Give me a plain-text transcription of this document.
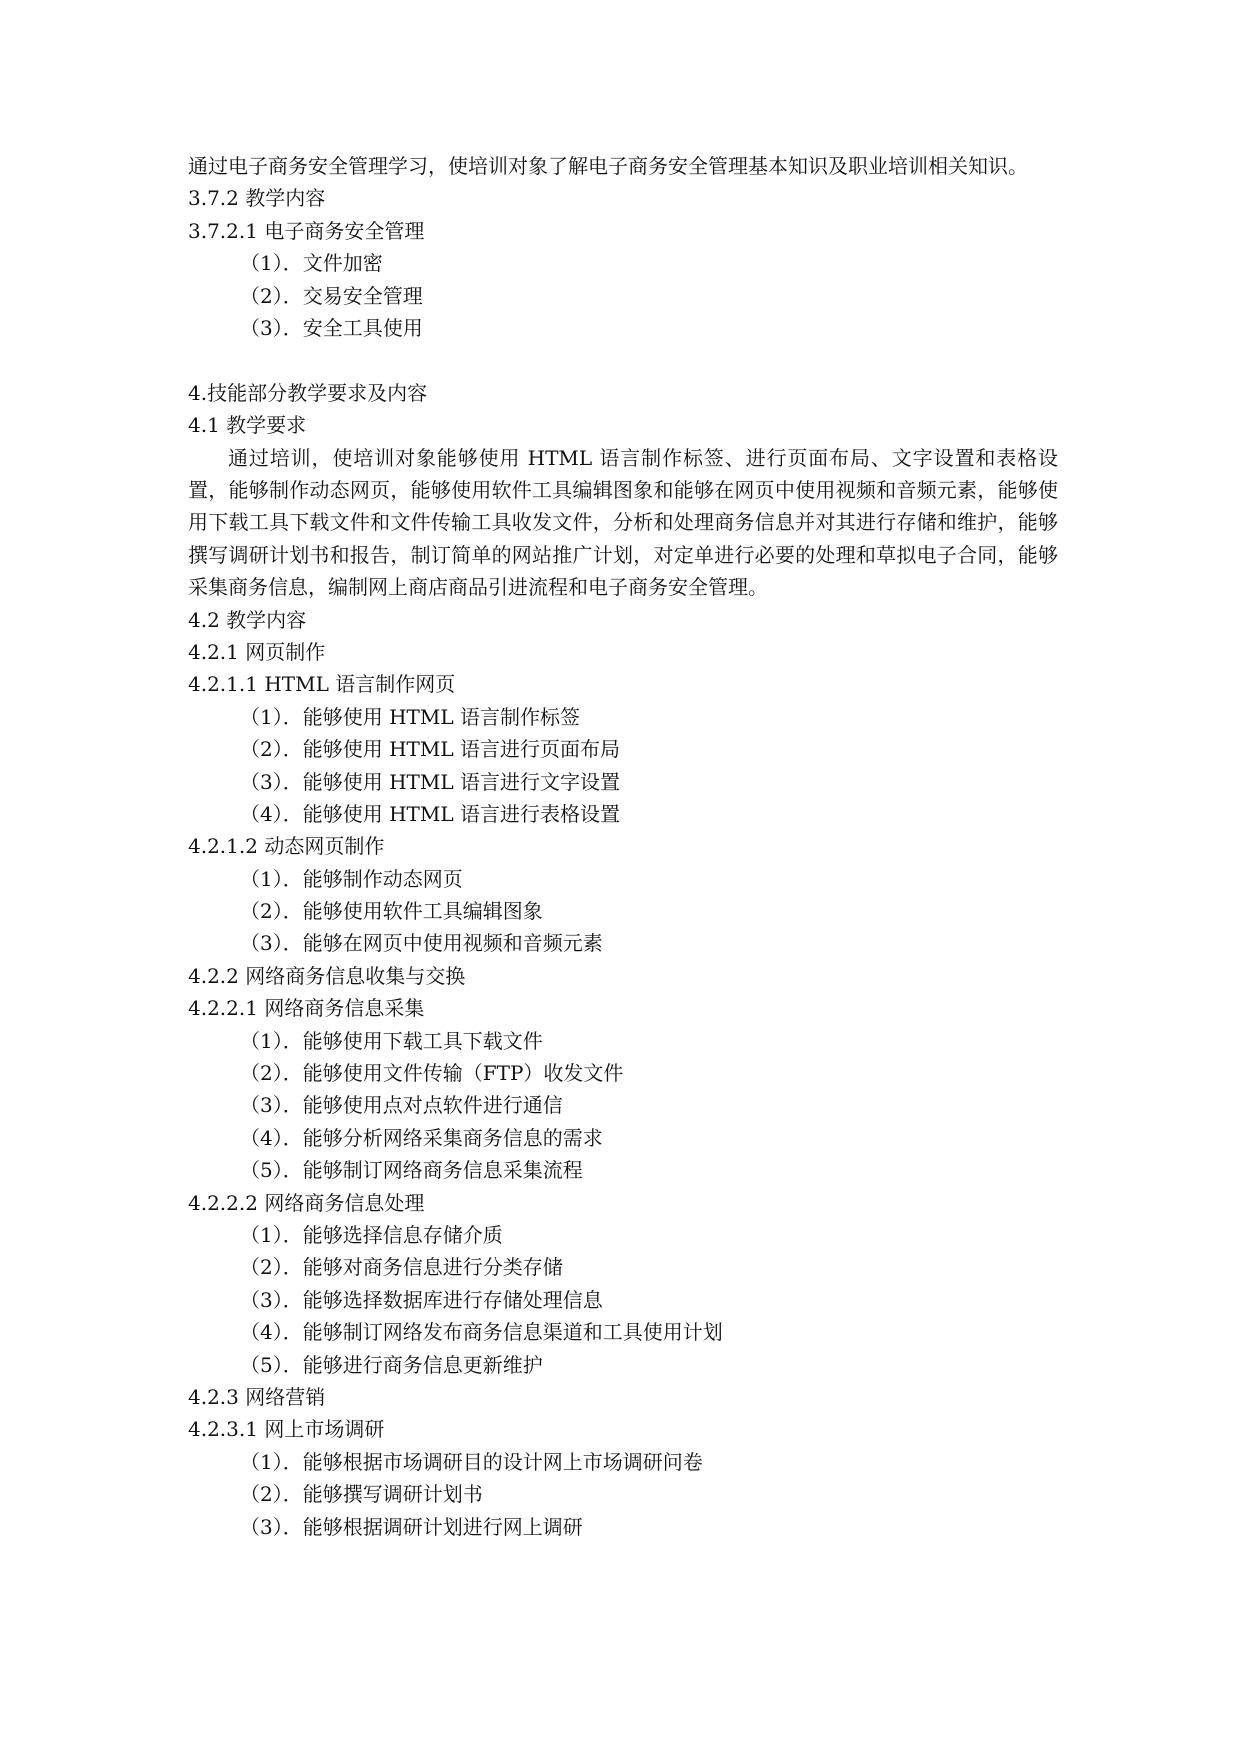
通过电子商务安全管理学习，使培训对象了解电子商务安全管理基本知识及职业培训相关知识。
3.7.2 教学内容
3.7.2.1 电子商务安全管理
（1）．文件加密
（2）．交易安全管理
（3）．安全工具使用
4.技能部分教学要求及内容
4.1 教学要求
通过培训，使培训对象能够使用 HTML 语言制作标签、进行页面布局、文字设置和表格设置，能够制作动态网页，能够使用软件工具编辑图象和能够在网页中使用视频和音频元素，能够使用下载工具下载文件和文件传输工具收发文件，分析和处理商务信息并对其进行存储和维护，能够撰写调研计划书和报告，制订简单的网站推广计划，对定单进行必要的处理和草拟电子合同，能够采集商务信息，编制网上商店商品引进流程和电子商务安全管理。
4.2 教学内容
4.2.1 网页制作
4.2.1.1 HTML 语言制作网页
（1）．能够使用 HTML 语言制作标签
（2）．能够使用 HTML 语言进行页面布局
（3）．能够使用 HTML 语言进行文字设置
（4）．能够使用 HTML 语言进行表格设置
4.2.1.2 动态网页制作
（1）．能够制作动态网页
（2）．能够使用软件工具编辑图象
（3）．能够在网页中使用视频和音频元素
4.2.2 网络商务信息收集与交换
4.2.2.1 网络商务信息采集
（1）．能够使用下载工具下载文件
（2）．能够使用文件传输（FTP）收发文件
（3）．能够使用点对点软件进行通信
（4）．能够分析网络采集商务信息的需求
（5）．能够制订网络商务信息采集流程
4.2.2.2 网络商务信息处理
（1）．能够选择信息存储介质
（2）．能够对商务信息进行分类存储
（3）．能够选择数据库进行存储处理信息
（4）．能够制订网络发布商务信息渠道和工具使用计划
（5）．能够进行商务信息更新维护
4.2.3 网络营销
4.2.3.1 网上市场调研
（1）．能够根据市场调研目的设计网上市场调研问卷
（2）．能够撰写调研计划书
（3）．能够根据调研计划进行网上调研
